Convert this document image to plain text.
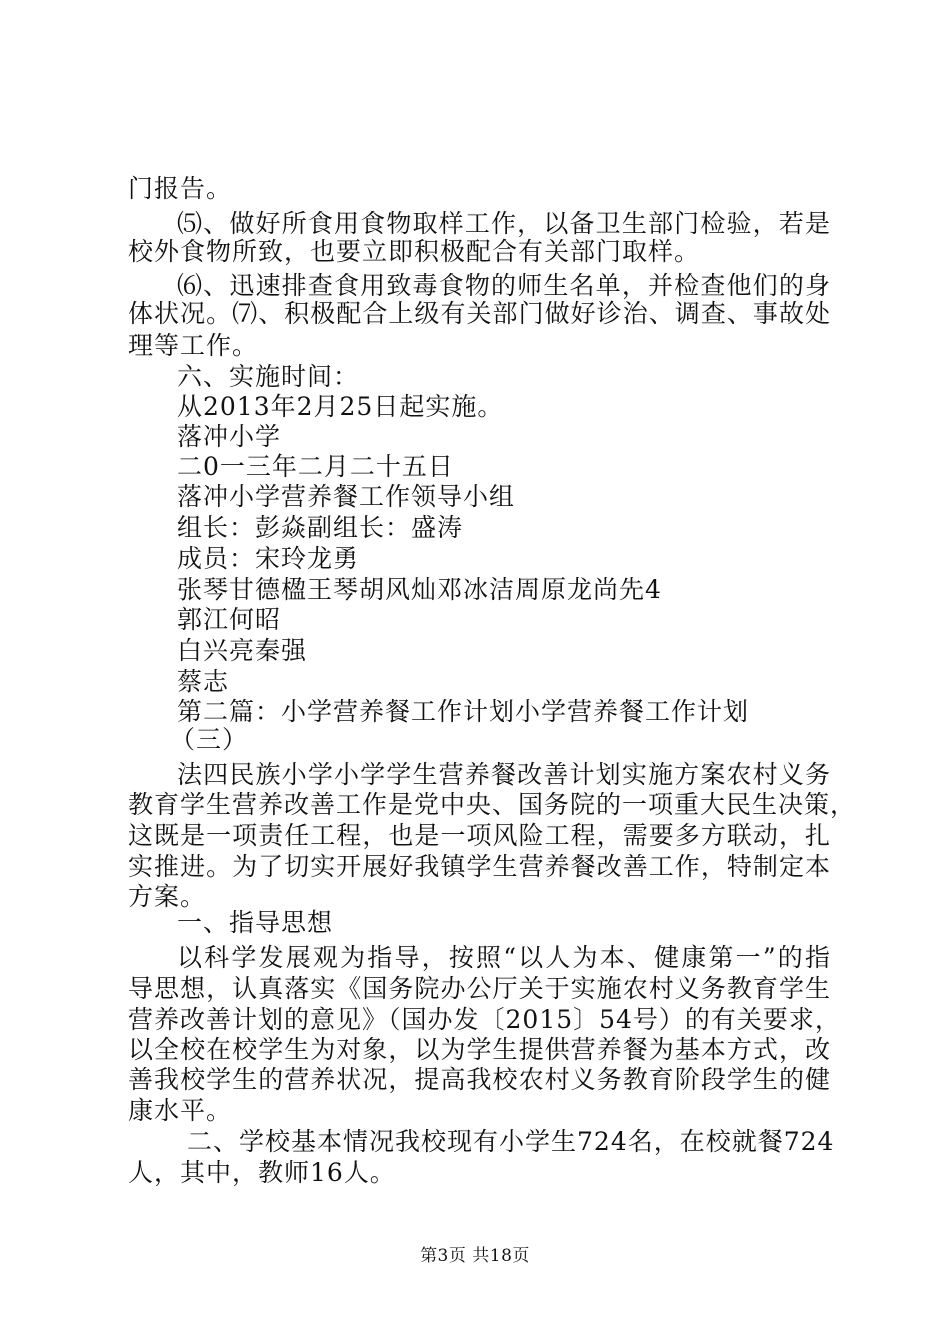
门报告。
⑸、做好所食用食物取样工作，以备卫生部门检验，若是
校外食物所致，也要立即积极配合有关部门取样。
⑹、迅速排查食用致毒食物的师生名单，并检查他们的身
体状况。⑺、积极配合上级有关部门做好诊治、调查、事故处
理等工作。
六、实施时间：
从2013年2月25日起实施。
落冲小学
二0一三年二月二十五日
落冲小学营养餐工作领导小组
组长：彭焱副组长：盛涛
成员：宋玲龙勇
张琴甘德楹王琴胡风灿邓冰洁周原龙尚先4
郭江何昭
白兴亮秦强
蔡志
第二篇：小学营养餐工作计划小学营养餐工作计划
（三）
法四民族小学小学学生营养餐改善计划实施方案农村义务
教育学生营养改善工作是党中央、国务院的一项重大民生决策，
这既是一项责任工程，也是一项风险工程，需要多方联动，扎
实推进。为了切实开展好我镇学生营养餐改善工作，特制定本
方案。
一、指导思想
以科学发展观为指导，按照“以人为本、健康第一”的指
导思想，认真落实《国务院办公厅关于实施农村义务教育学生
营养改善计划的意见》（国办发〔2015〕54号）的有关要求，
以全校在校学生为对象，以为学生提供营养餐为基本方式，改
善我校学生的营养状况，提高我校农村义务教育阶段学生的健
康水平。
二、学校基本情况我校现有小学生724名，在校就餐724
人，其中，教师16人。
第3页 共18页
